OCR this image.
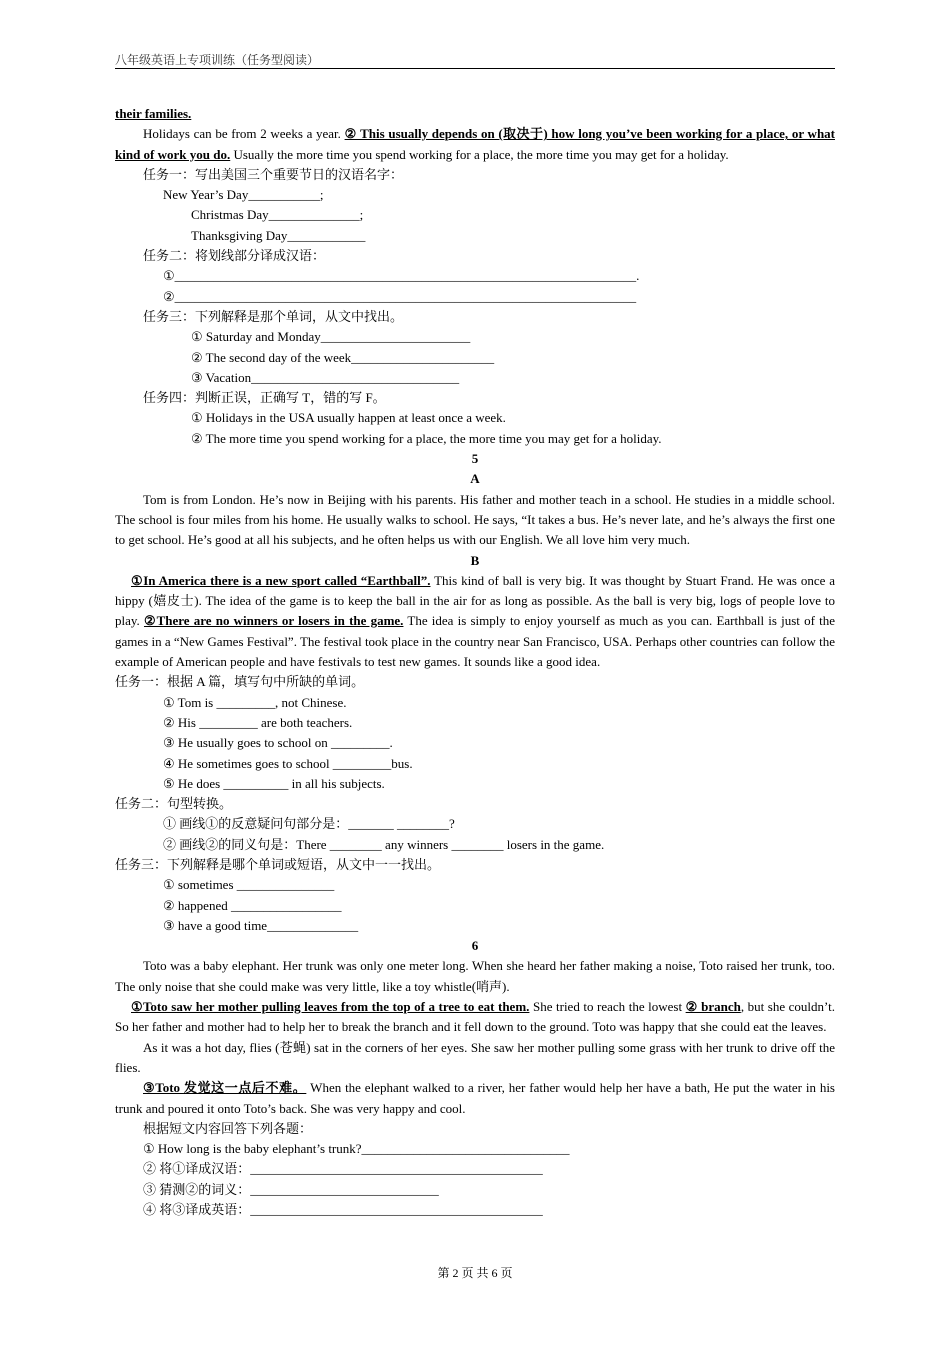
八年级英语上专项训练（任务型阅读）
their families.
Holidays can be from 2 weeks a year. ② This usually depends on (取决于) how long you’ve been working for a place, or what kind of work you do. Usually the more time you spend working for a place, the more time you may get for a holiday.
任务一：写出美国三个重要节日的汉语名字：
New Year’s Day___________;
Christmas Day______________;
Thanksgiving Day____________
任务二：将划线部分译成汉语：
①_______________________________________________________________________.
②_______________________________________________________________________
任务三：下列解释是那个单词，从文中找出。
① Saturday and Monday_______________________
② The second day of the week______________________
③ Vacation________________________________
任务四：判断正误，正确写 T，错的写 F。
① Holidays in the USA usually happen at least once a week.
② The more time you spend working for a place, the more time you may get for a holiday.
5
A
Tom is from London. He’s now in Beijing with his parents. His father and mother teach in a school. He studies in a middle school. The school is four miles from his home. He usually walks to school. He says, “It takes a bus. He’s never late, and he’s always the first one to get school. He’s good at all his subjects, and he often helps us with our English. We all love him very much.
B
①In America there is a new sport called “Earthball”. This kind of ball is very big. It was thought by Stuart Frand. He was once a hippy (嬉皮士). The idea of the game is to keep the ball in the air for as long as possible. As the ball is very big, logs of people love to play. ②There are no winners or losers in the game. The idea is simply to enjoy yourself as much as you can. Earthball is just of the games in a “New Games Festival”. The festival took place in the country near San Francisco, USA. Perhaps other countries can follow the example of American people and have festivals to test new games. It sounds like a good idea.
任务一：根据 A 篇，填写句中所缺的单词。
① Tom is _________, not Chinese.
② His _________ are both teachers.
③ He usually goes to school on _________.
④ He sometimes goes to school _________bus.
⑤ He does __________ in all his subjects.
任务二：句型转换。
① 画线①的反意疑问句部分是：_______ ________?
② 画线②的同义句是：There ________ any winners ________ losers in the game.
任务三：下列解释是哪个单词或短语，从文中一一找出。
① sometimes _______________
② happened _________________
③ have a good time______________
6
Toto was a baby elephant. Her trunk was only one meter long. When she heard her father making a noise, Toto raised her trunk, too. The only noise that she could make was very little, like a toy whistle(哨声).
①Toto saw her mother pulling leaves from the top of a tree to eat them. She tried to reach the lowest ② branch, but she couldn’t. So her father and mother had to help her to break the branch and it fell down to the ground. Toto was happy that she could eat the leaves.
As it was a hot day, flies (苍蝇) sat in the corners of her eyes. She saw her mother pulling some grass with her trunk to drive off the flies.
③Toto 发觉这一点后不难。 When the elephant walked to a river, her father would help her have a bath, He put the water in his trunk and poured it onto Toto’s back. She was very happy and cool.
根据短文内容回答下列各题：
① How long is the baby elephant’s trunk?________________________________
② 将①译成汉语：_____________________________________________
③ 猜测②的词义：_____________________________
④ 将③译成英语：_____________________________________________
第 2 页 共 6 页
